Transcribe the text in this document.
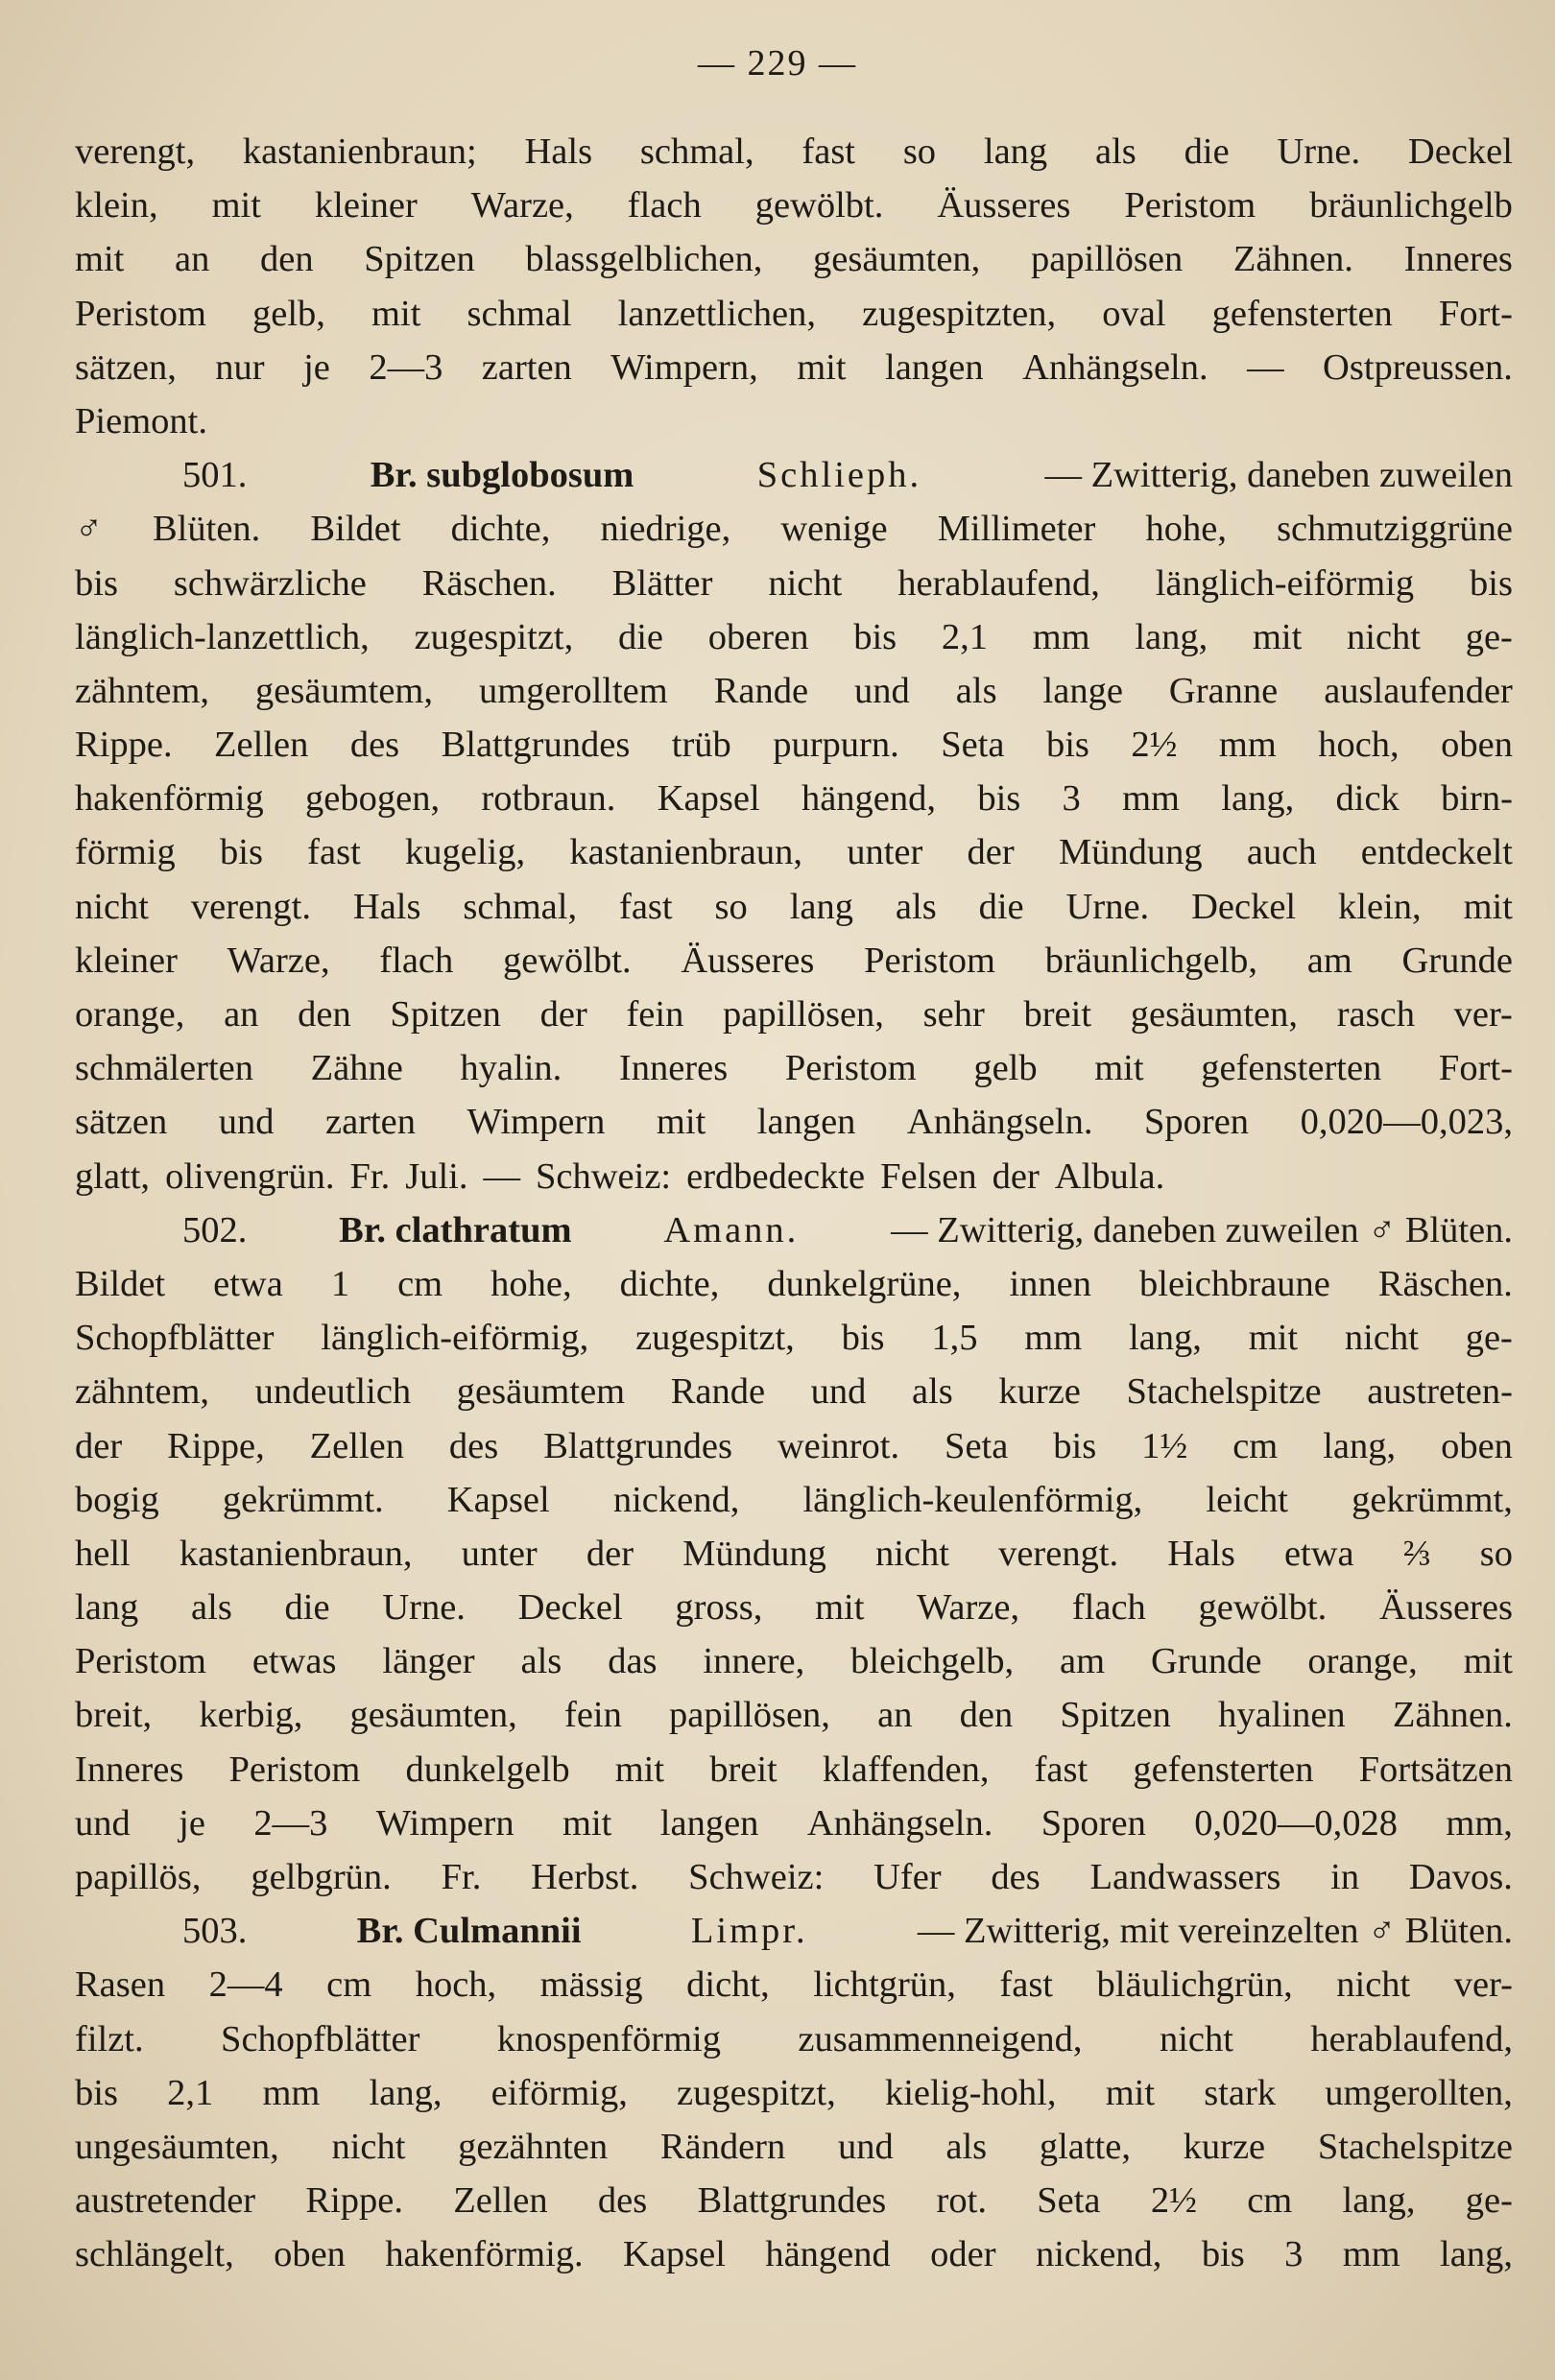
— 229 —
verengt, kastanienbraun; Hals schmal, fast so lang als die Urne. Deckel
klein, mit kleiner Warze, flach gewölbt. Äusseres Peristom bräunlichgelb
mit an den Spitzen blassgelblichen, gesäumten, papillösen Zähnen. Inneres
Peristom gelb, mit schmal lanzettlichen, zugespitzten, oval gefensterten Fort-
sätzen, nur je 2—3 zarten Wimpern, mit langen Anhängseln. — Ostpreussen.
Piemont.
501.	Br. subglobosum	Schlieph.	— Zwitterig, daneben zuweilen
♂ Blüten. Bildet dichte, niedrige, wenige Millimeter hohe, schmutziggrüne
bis schwärzliche Räschen. Blätter nicht herablaufend, länglich-eiförmig bis
länglich-lanzettlich, zugespitzt, die oberen bis 2,1 mm lang, mit nicht ge-
zähntem, gesäumtem, umgerolltem Rande und als lange Granne auslaufender
Rippe. Zellen des Blattgrundes trüb purpurn. Seta bis 2½ mm hoch, oben
hakenförmig gebogen, rotbraun. Kapsel hängend, bis 3 mm lang, dick birn-
förmig bis fast kugelig, kastanienbraun, unter der Mündung auch entdeckelt
nicht verengt. Hals schmal, fast so lang als die Urne. Deckel klein, mit
kleiner Warze, flach gewölbt. Äusseres Peristom bräunlichgelb, am Grunde
orange, an den Spitzen der fein papillösen, sehr breit gesäumten, rasch ver-
schmälerten Zähne hyalin. Inneres Peristom gelb mit gefensterten Fort-
sätzen und zarten Wimpern mit langen Anhängseln. Sporen 0,020—0,023,
glatt, olivengrün. Fr. Juli. — Schweiz: erdbedeckte Felsen der Albula.
502. Br. clathratum Amann. — Zwitterig, daneben zuweilen ♂ Blüten.
Bildet etwa 1 cm hohe, dichte, dunkelgrüne, innen bleichbraune Räschen.
Schopfblätter länglich-eiförmig, zugespitzt, bis 1,5 mm lang, mit nicht ge-
zähntem, undeutlich gesäumtem Rande und als kurze Stachelspitze austreten-
der Rippe, Zellen des Blattgrundes weinrot. Seta bis 1½ cm lang, oben
bogig gekrümmt. Kapsel nickend, länglich-keulenförmig, leicht gekrümmt,
hell kastanienbraun, unter der Mündung nicht verengt. Hals etwa ⅔ so
lang als die Urne. Deckel gross, mit Warze, flach gewölbt. Äusseres
Peristom etwas länger als das innere, bleichgelb, am Grunde orange, mit
breit, kerbig, gesäumten, fein papillösen, an den Spitzen hyalinen Zähnen.
Inneres Peristom dunkelgelb mit breit klaffenden, fast gefensterten Fortsätzen
und je 2—3 Wimpern mit langen Anhängseln. Sporen 0,020—0,028 mm,
papillös, gelbgrün. Fr. Herbst. Schweiz: Ufer des Landwassers in Davos.
503.	Br. Culmannii	Limpr.	— Zwitterig, mit vereinzelten ♂ Blüten.
Rasen 2—4 cm hoch, mässig dicht, lichtgrün, fast bläulichgrün, nicht ver-
filzt. Schopfblätter knospenförmig zusammenneigend, nicht herablaufend,
bis 2,1 mm lang, eiförmig, zugespitzt, kielig-hohl, mit stark umgerollten,
ungesäumten, nicht gezähnten Rändern und als glatte, kurze Stachelspitze
austretender Rippe. Zellen des Blattgrundes rot. Seta 2½ cm lang, ge-
schlängelt, oben hakenförmig. Kapsel hängend oder nickend, bis 3 mm lang,
